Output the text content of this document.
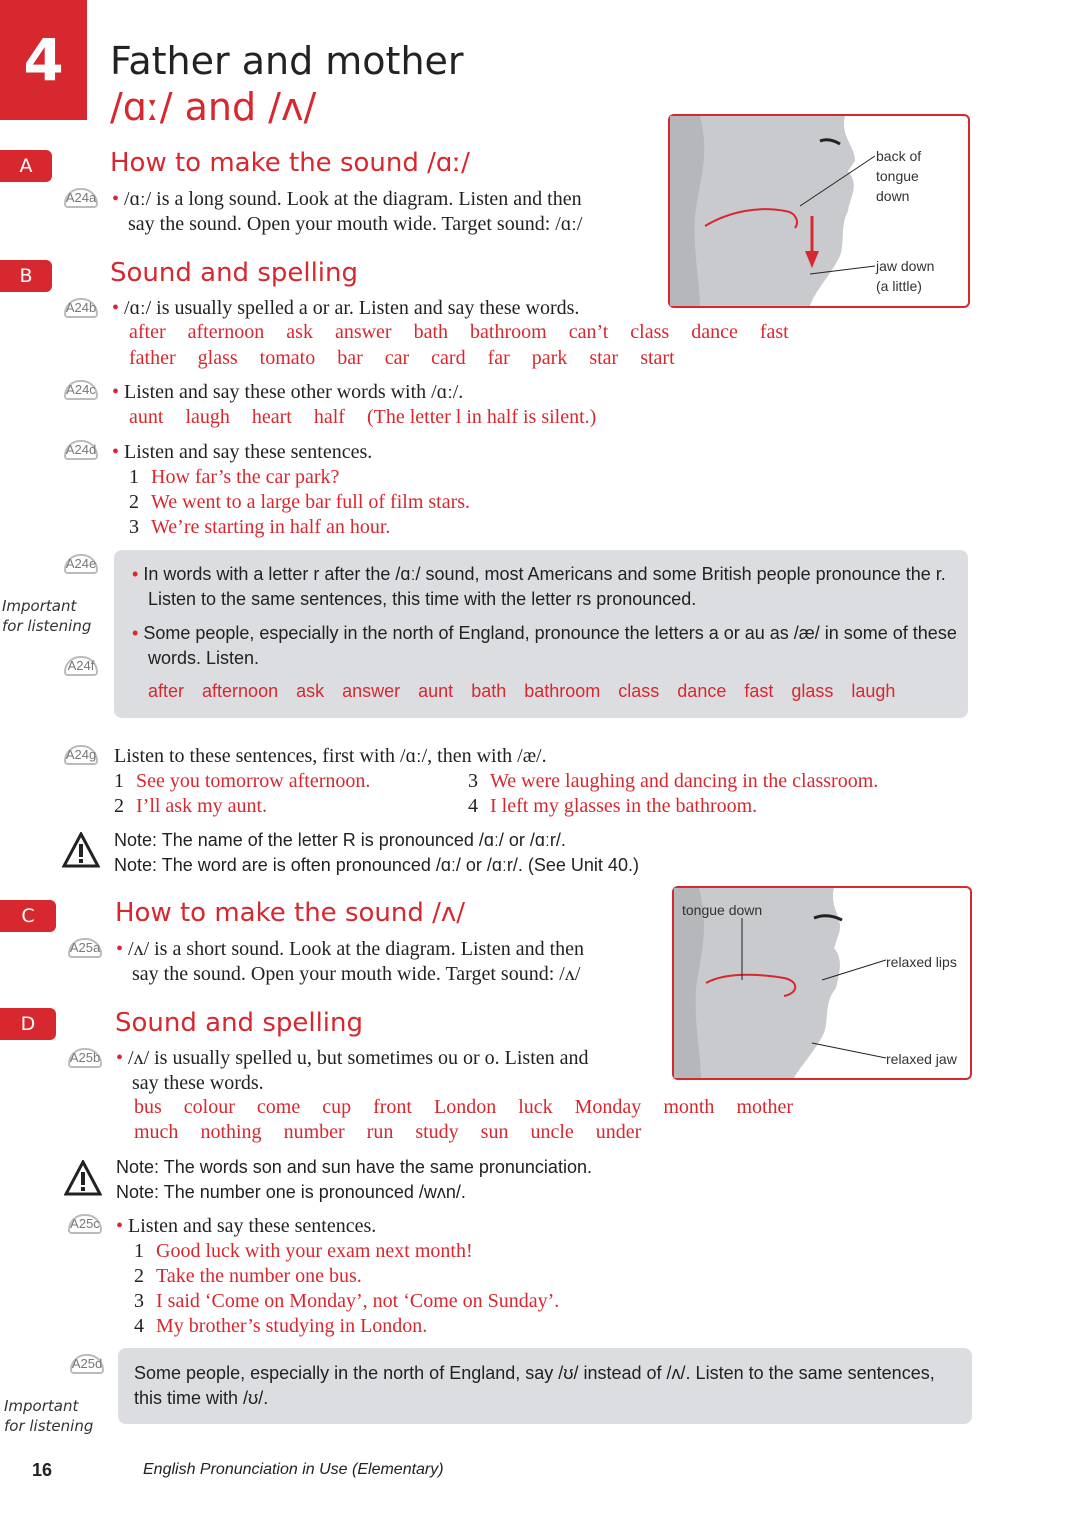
4 Father and mother
/ɑː/ and /ʌ/
back of
tongue
down
jaw down
(a little)
A	How to make the sound /ɑː/
A24a • /ɑː/ is a long sound. Look at the diagram. Listen and then
say the sound. Open your mouth wide. Target sound: /ɑː/
B	Sound and spelling
A24b • /ɑː/ is usually spelled a or ar. Listen and say these words.
after afternoon ask answer bath bathroom can’t class dance fast
father glass tomato bar car card far park star start
A24c • Listen and say these other words with /ɑː/.
aunt laugh heart half (The letter l in half is silent.)
A24d • Listen and say these sentences.
1 How far’s the car park?
2 We went to a large bar full of film stars.
3 We’re starting in half an hour.
A24e
A24f
Important
for listening
• In words with a letter r after the /ɑː/ sound, most Americans and some British people pronounce the r.
Listen to the same sentences, this time with the letter rs pronounced.
• Some people, especially in the north of England, pronounce the letters a or au as /æ/ in some of these
words. Listen.
after afternoon ask answer aunt bath bathroom class dance fast glass laugh
A24g Listen to these sentences, first with /ɑː/, then with /æ/.
1 See you tomorrow afternoon.
2 I’ll ask my aunt.
3 We were laughing and dancing in the classroom.
4 I left my glasses in the bathroom.
Note: The name of the letter R is pronounced /ɑː/ or /ɑːr/.
Note: The word are is often pronounced /ɑː/ or /ɑːr/. (See Unit 40.)
tongue down
relaxed lips
relaxed jaw
C	How to make the sound /ʌ/
A25a • /ʌ/ is a short sound. Look at the diagram. Listen and then
say the sound. Open your mouth wide. Target sound: /ʌ/
D	Sound and spelling
A25b • /ʌ/ is usually spelled u, but sometimes ou or o. Listen and
say these words.
bus colour come cup front London luck Monday month mother
much nothing number run study sun uncle under
Note: The words son and sun have the same pronunciation.
Note: The number one is pronounced /wʌn/.
A25c • Listen and say these sentences.
1 Good luck with your exam next month!
2 Take the number one bus.
3 I said ‘Come on Monday’, not ‘Come on Sunday’.
4 My brother’s studying in London.
A25d
Important
for listening
Some people, especially in the north of England, say /ʊ/ instead of /ʌ/. Listen to the same sentences,
this time with /ʊ/.
16	English Pronunciation in Use (Elementary)
